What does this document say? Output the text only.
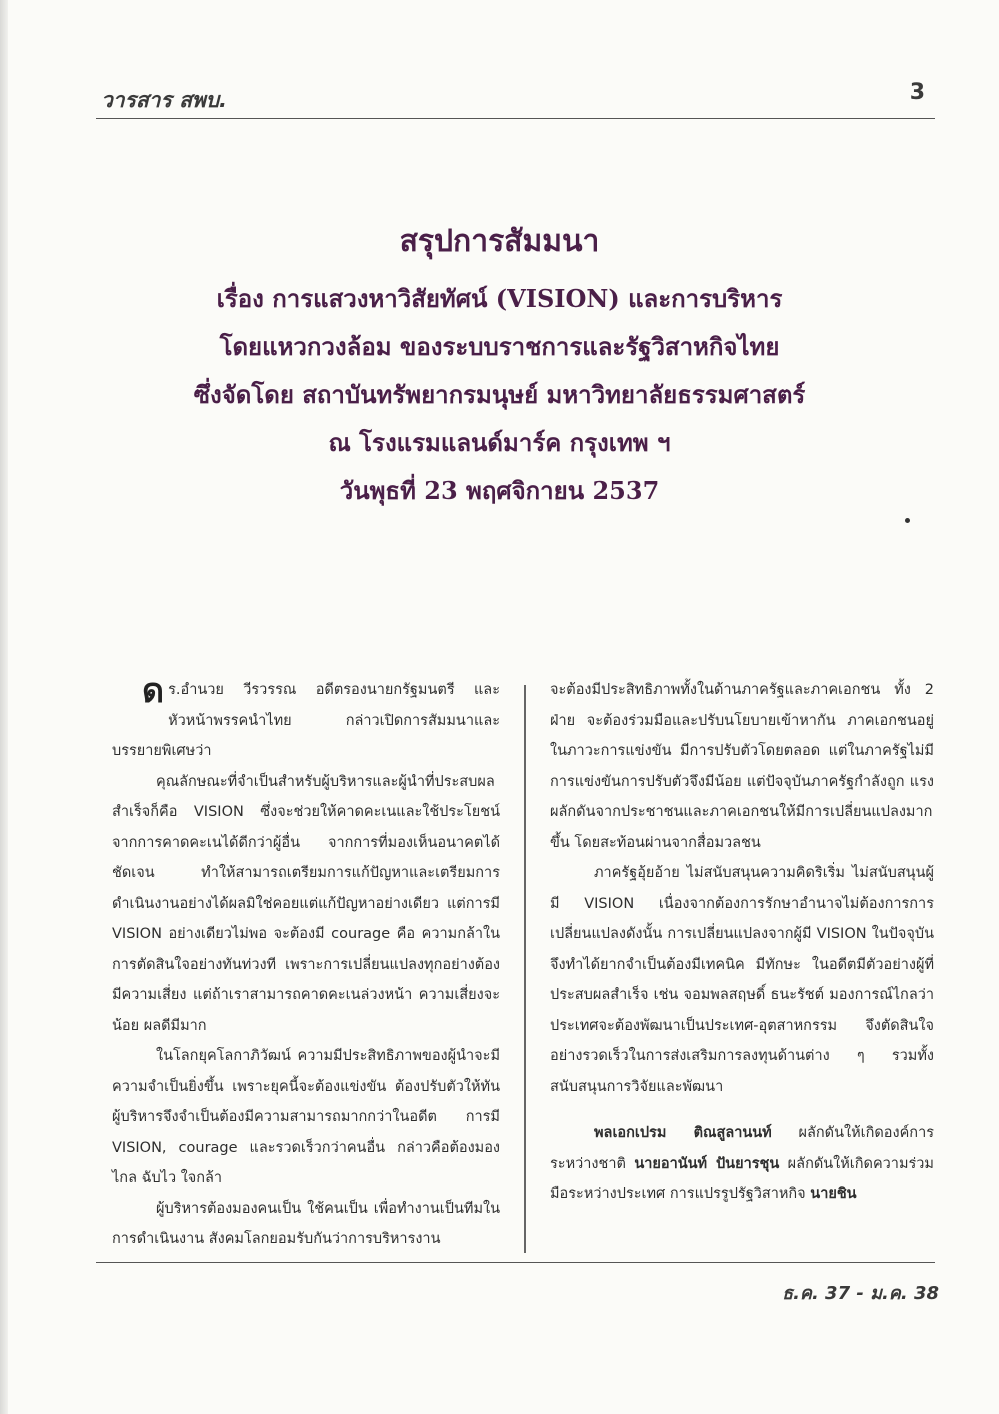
วารสาร สพบ.	3
สรุปการสัมมนา
เรื่อง การแสวงหาวิสัยทัศน์ (VISION) และการบริหาร
โดยแหวกวงล้อม ของระบบราชการและรัฐวิสาหกิจไทย
ซึ่งจัดโดย สถาบันทรัพยากรมนุษย์ มหาวิทยาลัยธรรมศาสตร์
ณ โรงแรมแลนด์มาร์ค กรุงเทพ ฯ
วันพุธที่ 23 พฤศจิกายน 2537

ดร.อำนวย วีรวรรณ อดีตรองนายกรัฐมนตรี และหัวหน้าพรรคนำไทย กล่าวเปิดการสัมมนาและบรรยายพิเศษว่า

คุณลักษณะที่จำเป็นสำหรับผู้บริหารและผู้นำที่ประสบผลสำเร็จก็คือ VISION ซึ่งจะช่วยให้คาดคะเนและใช้ประโยชน์จากการคาดคะเนได้ดีกว่าผู้อื่น จากการที่มองเห็นอนาคตได้ชัดเจน ทำให้สามารถเตรียมการแก้ปัญหาและเตรียมการดำเนินงานอย่างได้ผลมิใช่คอยแต่แก้ปัญหาอย่างเดียว แต่การมี VISION อย่างเดียวไม่พอ จะต้องมี courage คือ ความกล้าในการตัดสินใจอย่างทันท่วงที เพราะการเปลี่ยนแปลงทุกอย่างต้องมีความเสี่ยง แต่ถ้าเราสามารถคาดคะเนล่วงหน้า ความเสี่ยงจะน้อย ผลดีมีมาก

ในโลกยุคโลกาภิวัฒน์ ความมีประสิทธิภาพของผู้นำจะมีความจำเป็นยิ่งขึ้น เพราะยุคนี้จะต้องแข่งขัน ต้องปรับตัวให้ทันผู้บริหารจึงจำเป็นต้องมีความสามารถมากกว่าในอดีต การมี VISION, courage และรวดเร็วกว่าคนอื่น กล่าวคือต้องมองไกล ฉับไว ใจกล้า

ผู้บริหารต้องมองคนเป็น ใช้คนเป็น เพื่อทำงานเป็นทีมในการดำเนินงาน สังคมโลกยอมรับกันว่าการบริหารงาน

จะต้องมีประสิทธิภาพทั้งในด้านภาครัฐและภาคเอกชน ทั้ง 2 ฝ่าย จะต้องร่วมมือและปรับนโยบายเข้าหากัน ภาคเอกชนอยู่ในภาวะการแข่งขัน มีการปรับตัวโดยตลอด แต่ในภาครัฐไม่มีการแข่งขันการปรับตัวจึงมีน้อย แต่ปัจจุบันภาครัฐกำลังถูก แรงผลักดันจากประชาชนและภาคเอกชนให้มีการเปลี่ยนแปลงมากขึ้น โดยสะท้อนผ่านจากสื่อมวลชน

ภาครัฐอุ้ยอ้าย ไม่สนับสนุนความคิดริเริ่ม ไม่สนับสนุนผู้มี VISION เนื่องจากต้องการรักษาอำนาจไม่ต้องการการเปลี่ยนแปลงดังนั้น การเปลี่ยนแปลงจากผู้มี VISION ในปัจจุบันจึงทำได้ยากจำเป็นต้องมีเทคนิค มีทักษะ ในอดีตมีตัวอย่างผู้ที่ประสบผลสำเร็จ เช่น จอมพลสฤษดิ์ ธนะรัชต์ มองการณ์ไกลว่าประเทศจะต้องพัฒนาเป็นประเทศ-อุตสาหกรรม จึงตัดสินใจอย่างรวดเร็วในการส่งเสริมการลงทุนด้านต่าง ๆ รวมทั้งสนับสนุนการวิจัยและพัฒนา

พลเอกเปรม ติณสูลานนท์ ผลักดันให้เกิดองค์การระหว่างชาติ นายอานันท์ ปันยารชุน ผลักดันให้เกิดความร่วมมือระหว่างประเทศ การแปรรูปรัฐวิสาหกิจ นายชิน

ธ.ค. 37 - ม.ค. 38
